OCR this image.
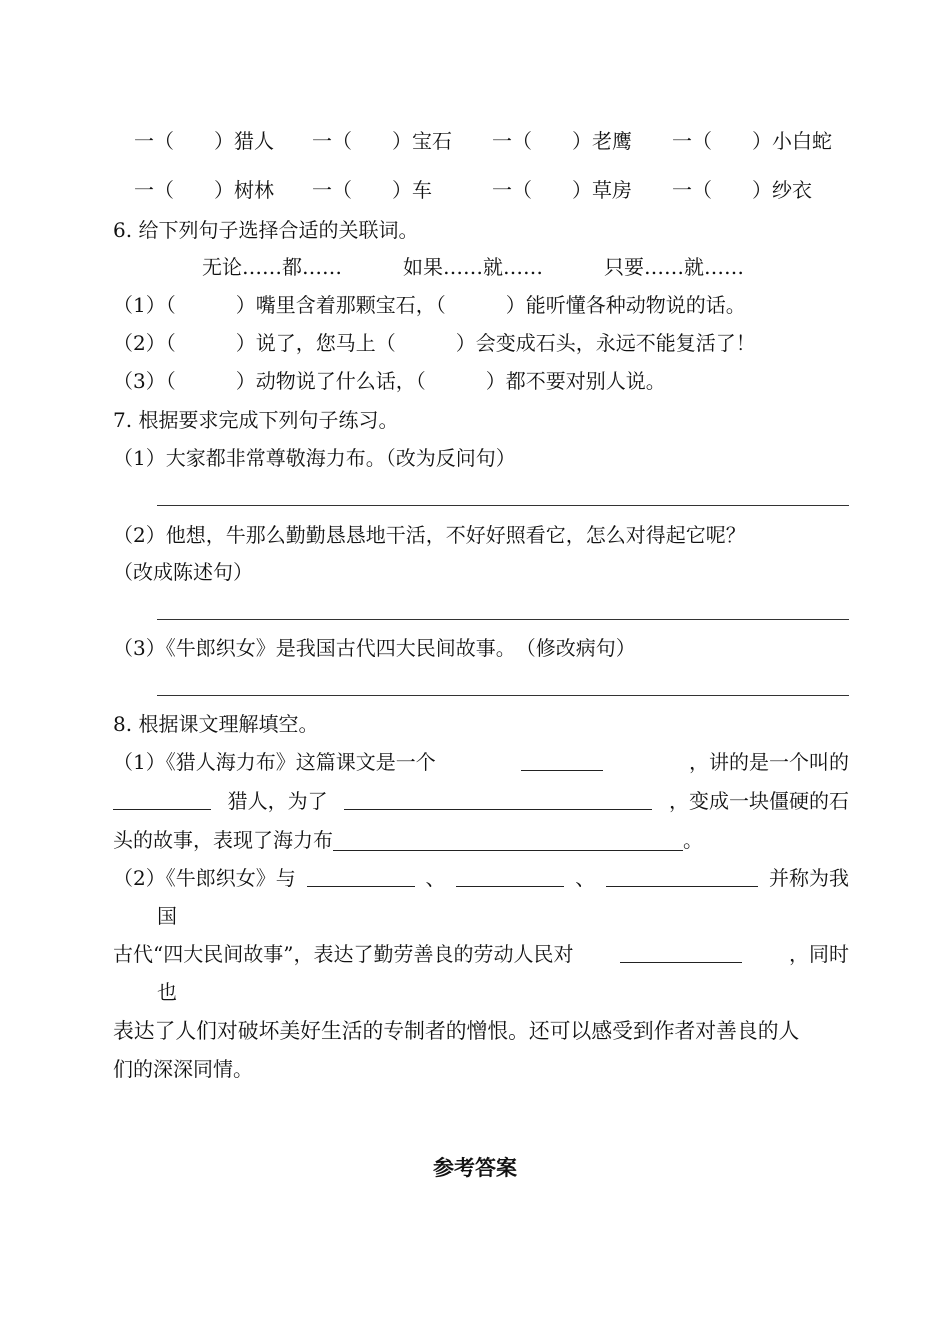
一（　　）猎人 一（　　）宝石 一（　　）老鹰 一（　　）小白蛇
一（　　）树林 一（　　）车	一（　　）草房 一（　　）纱衣
6. 给下列句子选择合适的关联词。
无论……都……	如果……就……	只要……就……
（1）（　　　）嘴里含着那颗宝石，（　　　）能听懂各种动物说的话。
（2）（　　　）说了，您马上（　　　）会变成石头，永远不能复活了！
（3）（　　　）动物说了什么话，（　　　）都不要对别人说。
7. 根据要求完成下列句子练习。
（1）大家都非常尊敬海力布。（改为反问句）
（2）他想，牛那么勤勤恳恳地干活，不好好照看它，怎么对得起它呢？
（改成陈述句）
（3）《牛郎织女》是我国古代四大民间故事。　（修改病句）
8. 根据课文理解填空。
（1）《猎人海力布》这篇课文是一个	，讲的是一个叫的
猎人，为了	，变成一块僵硬的石
头的故事，表现了海力布	。
（2）《牛郎织女》与	、	、	并称为我
国
古代“四大民间故事”，表达了勤劳善良的劳动人民对	，同时
也
表达了人们对破坏美好生活的专制者的憎恨。还可以感受到作者对善良的人
们的深深同情。
参考答案
